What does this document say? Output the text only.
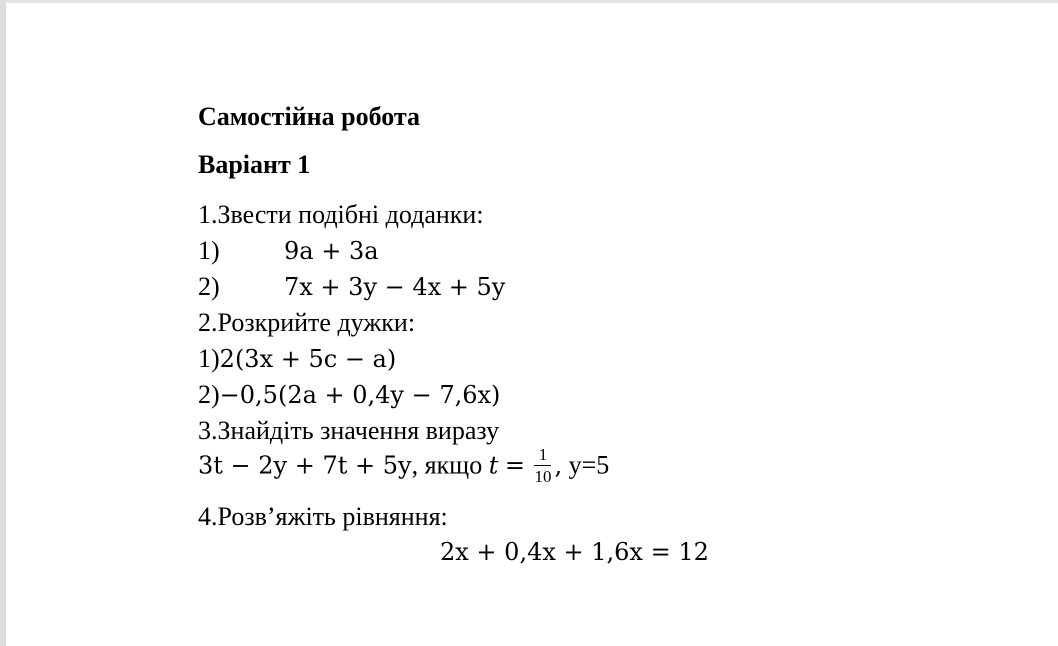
Самостійна робота
Варіант 1
1.Звести подібні доданки:
1)	9a + 3a
2)	7x + 3y − 4x + 5y
2.Розкрийте дужки:
1)2(3x + 5c − a)
2)−0,5(2a + 0,4y − 7,6x)
3.Знайдіть значення виразу
3t − 2y + 7t + 5y, якщо $t = \frac{1}{10}$ , y=5
4.Розв’яжіть рівняння:
2x + 0,4x + 1,6x = 12
